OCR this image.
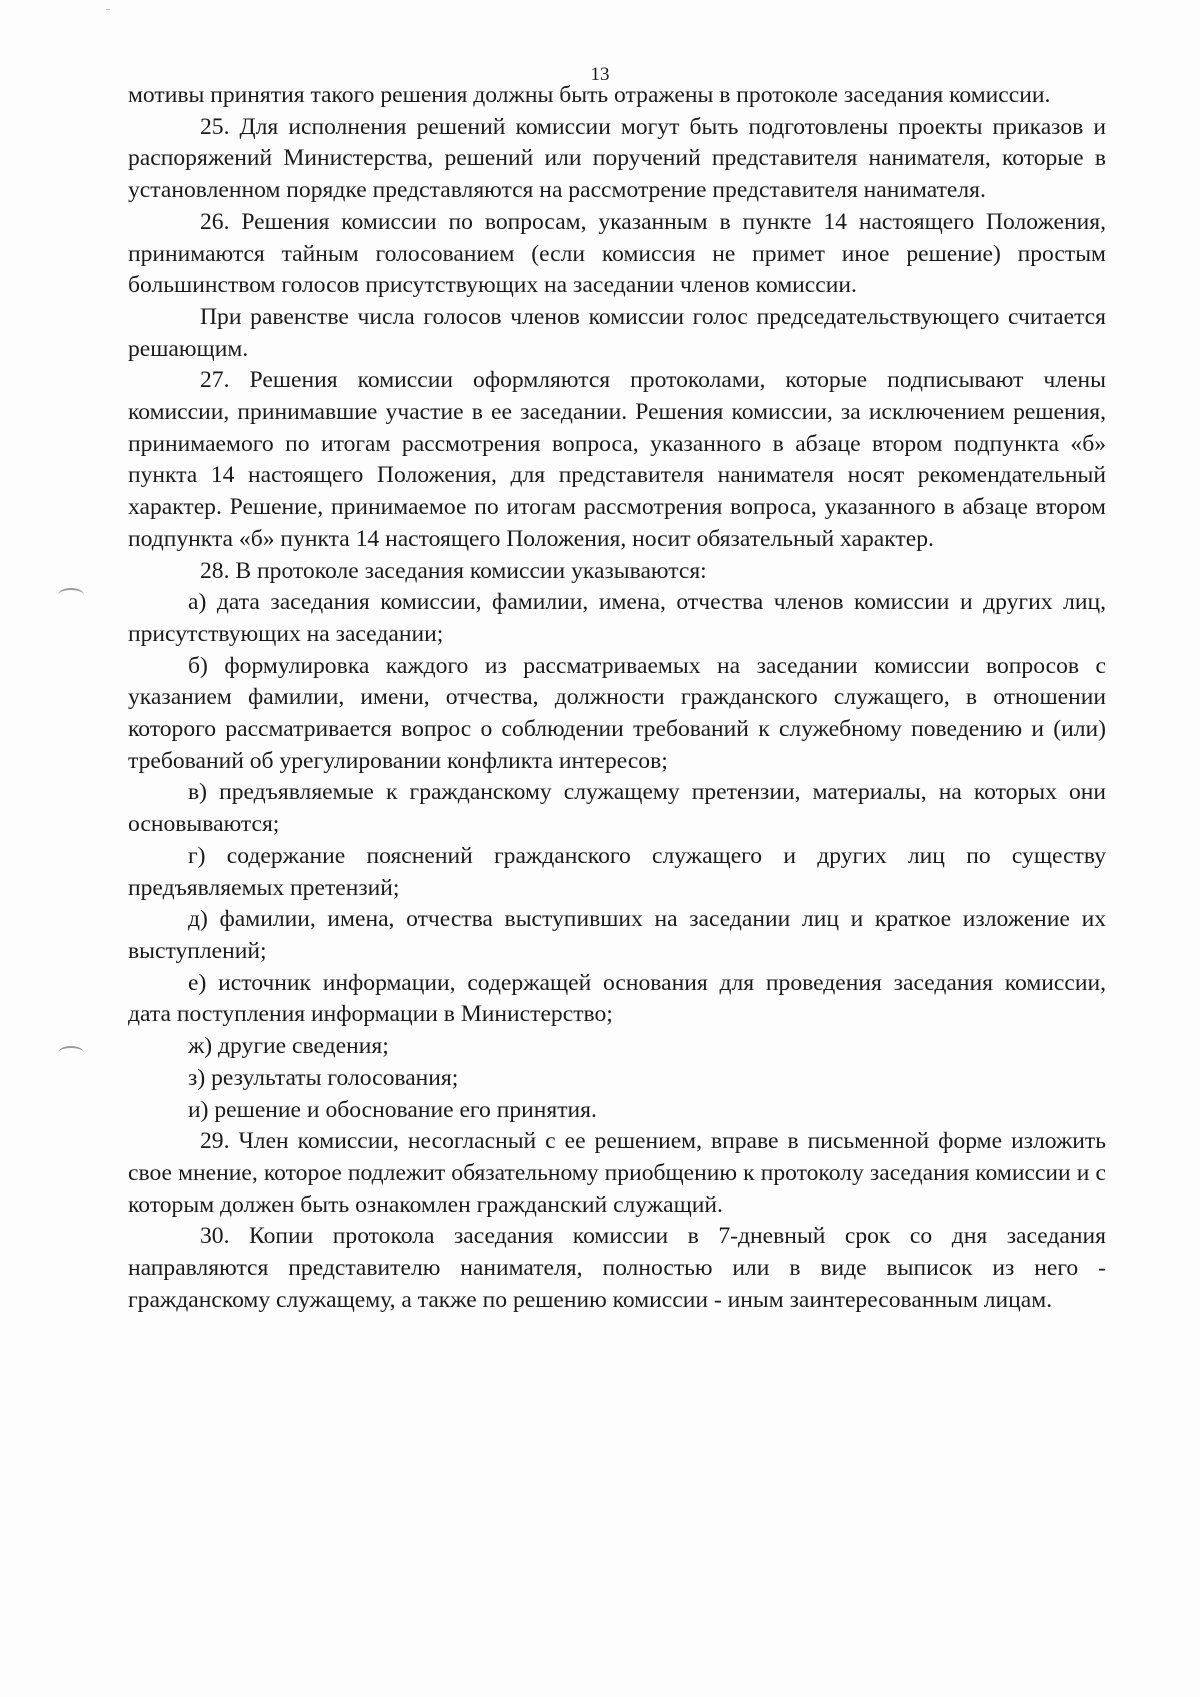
13

мотивы принятия такого решения должны быть отражены в протоколе заседания комиссии.

25. Для исполнения решений комиссии могут быть подготовлены проекты приказов и распоряжений Министерства, решений или поручений представителя нанимателя, которые в установленном порядке представляются на рассмотрение представителя нанимателя.

26. Решения комиссии по вопросам, указанным в пункте 14 настоящего Положения, принимаются тайным голосованием (если комиссия не примет иное решение) простым большинством голосов присутствующих на заседании членов комиссии.

При равенстве числа голосов членов комиссии голос председательствующего считается решающим.

27. Решения комиссии оформляются протоколами, которые подписывают члены комиссии, принимавшие участие в ее заседании. Решения комиссии, за исключением решения, принимаемого по итогам рассмотрения вопроса, указанного в абзаце втором подпункта «б» пункта 14 настоящего Положения, для представителя нанимателя носят рекомендательный характер. Решение, принимаемое по итогам рассмотрения вопроса, указанного в абзаце втором подпункта «б» пункта 14 настоящего Положения, носит обязательный характер.

28. В протоколе заседания комиссии указываются:

а) дата заседания комиссии, фамилии, имена, отчества членов комиссии и других лиц, присутствующих на заседании;

б) формулировка каждого из рассматриваемых на заседании комиссии вопросов с указанием фамилии, имени, отчества, должности гражданского служащего, в отношении которого рассматривается вопрос о соблюдении требований к служебному поведению и (или) требований об урегулировании конфликта интересов;

в) предъявляемые к гражданскому служащему претензии, материалы, на которых они основываются;

г) содержание пояснений гражданского служащего и других лиц по существу предъявляемых претензий;

д) фамилии, имена, отчества выступивших на заседании лиц и краткое изложение их выступлений;

е) источник информации, содержащей основания для проведения заседания комиссии, дата поступления информации в Министерство;

ж) другие сведения;

з) результаты голосования;

и) решение и обоснование его принятия.

29. Член комиссии, несогласный с ее решением, вправе в письменной форме изложить свое мнение, которое подлежит обязательному приобщению к протоколу заседания комиссии и с которым должен быть ознакомлен гражданский служащий.

30. Копии протокола заседания комиссии в 7-дневный срок со дня заседания направляются представителю нанимателя, полностью или в виде выписок из него - гражданскому служащему, а также по решению комиссии - иным заинтересованным лицам.
